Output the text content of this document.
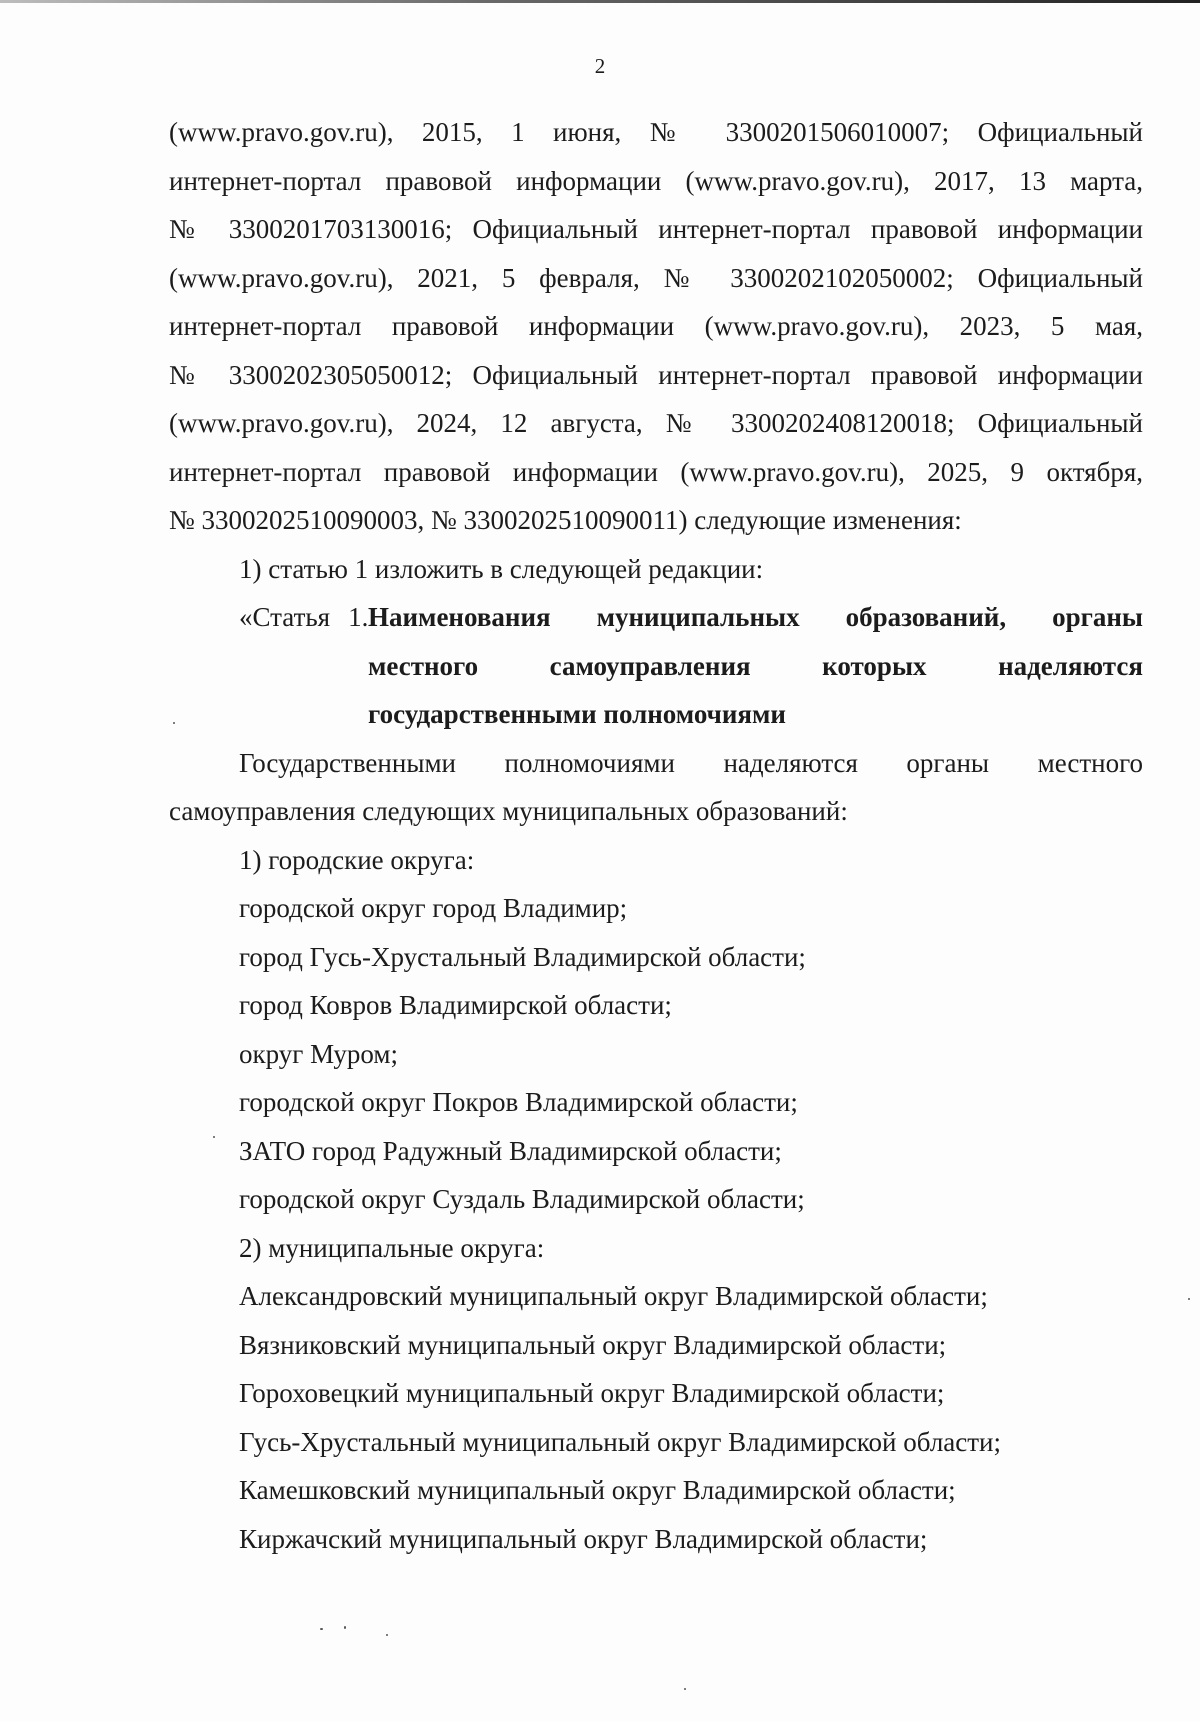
2

(www.pravo.gov.ru), 2015, 1 июня, № 3300201506010007; Официальный

интернет-портал правовой информации (www.pravo.gov.ru), 2017, 13 марта,

№ 3300201703130016; Официальный интернет-портал правовой информации

(www.pravo.gov.ru), 2021, 5 февраля, № 3300202102050002; Официальный

интернет-портал правовой информации (www.pravo.gov.ru), 2023, 5 мая,

№ 3300202305050012; Официальный интернет-портал правовой информации

(www.pravo.gov.ru), 2024, 12 августа, № 3300202408120018; Официальный

интернет-портал правовой информации (www.pravo.gov.ru), 2025, 9 октября,

№ 3300202510090003, № 3300202510090011) следующие изменения:

1) статью 1 изложить в следующей редакции:

«Статья 1. Наименования муниципальных образований, органы
местного самоуправления которых наделяются
государственными полномочиями

Государственными полномочиями наделяются органы местного

самоуправления следующих муниципальных образований:

1) городские округа:

городской округ город Владимир;

город Гусь-Хрустальный Владимирской области;

город Ковров Владимирской области;

округ Муром;

городской округ Покров Владимирской области;

ЗАТО город Радужный Владимирской области;

городской округ Суздаль Владимирской области;

2) муниципальные округа:

Александровский муниципальный округ Владимирской области;

Вязниковский муниципальный округ Владимирской области;

Гороховецкий муниципальный округ Владимирской области;

Гусь-Хрустальный муниципальный округ Владимирской области;

Камешковский муниципальный округ Владимирской области;

Киржачский муниципальный округ Владимирской области;
